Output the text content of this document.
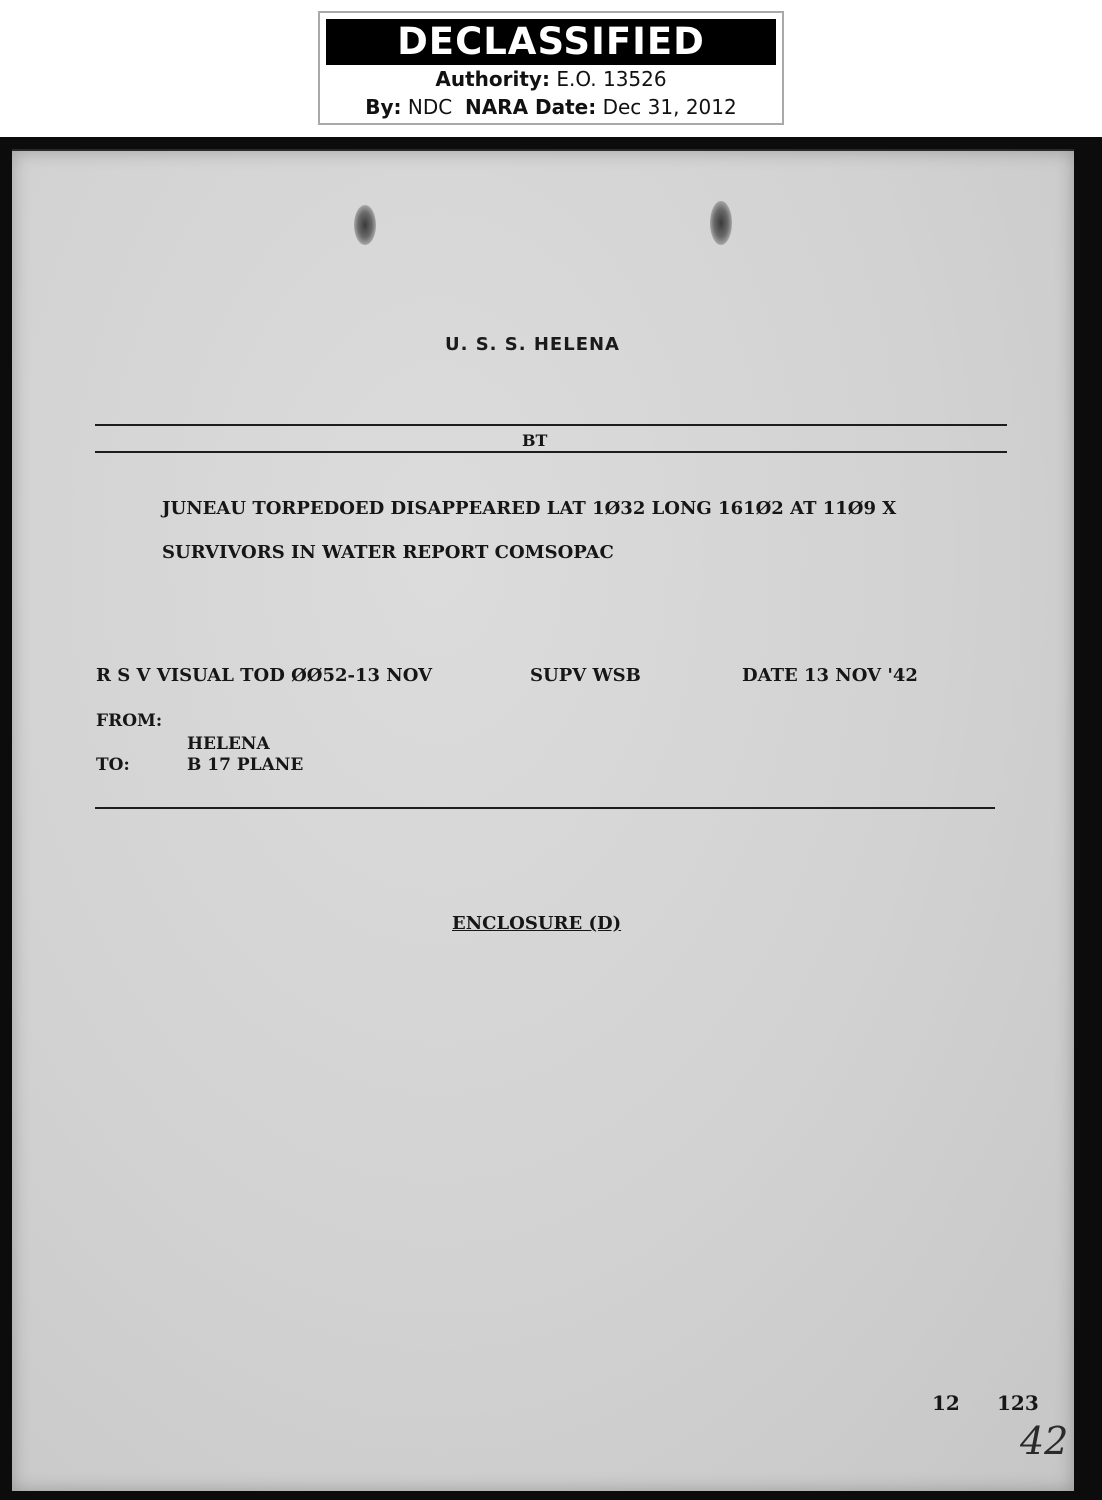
DECLASSIFIED
Authority: E.O. 13526
By: NDC NARA Date: Dec 31, 2012
U. S. S. HELENA
BT
JUNEAU TORPEDOED DISAPPEARED LAT 1Ø32 LONG 161Ø2 AT 11Ø9 X
SURVIVORS IN WATER REPORT COMSOPAC
R S V VISUAL TOD ØØ52-13 NOV	SUPV WSB	DATE 13 NOV '42
FROM:
HELENA
TO:	B 17 PLANE
ENCLOSURE (D)
12 123
42
